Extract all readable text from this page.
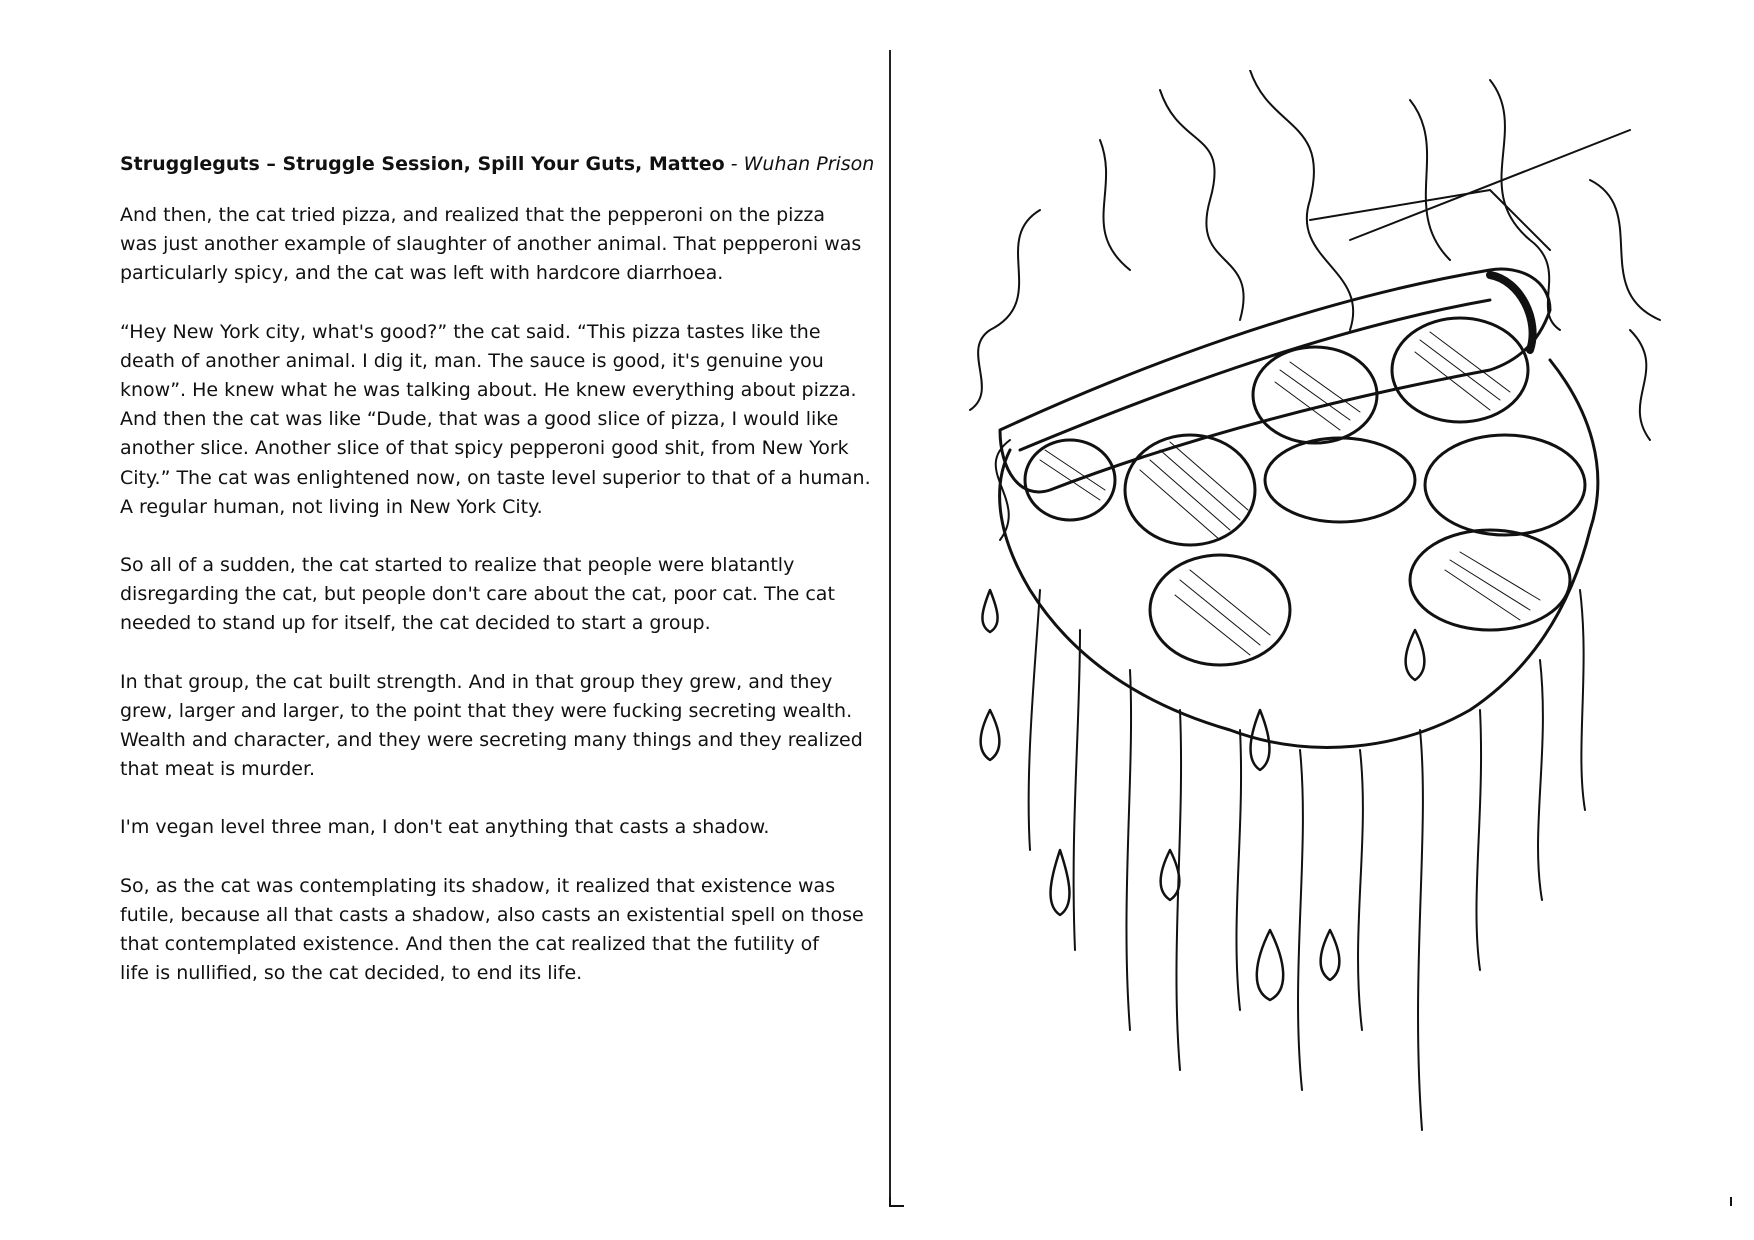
Struggleguts – Struggle Session, Spill Your Guts, Matteo - Wuhan Prison
And then, the cat tried pizza, and realized that the pepperoni on the pizza
was just another example of slaughter of another animal. That pepperoni was
particularly spicy, and the cat was left with hardcore diarrhoea.
“Hey New York city, what's good?” the cat said. “This pizza tastes like the
death of another animal. I dig it, man. The sauce is good, it's genuine you
know”. He knew what he was talking about. He knew everything about pizza.
And then the cat was like “Dude, that was a good slice of pizza, I would like
another slice. Another slice of that spicy pepperoni good shit, from New York
City.” The cat was enlightened now, on taste level superior to that of a human.
A regular human, not living in New York City.
So all of a sudden, the cat started to realize that people were blatantly
disregarding the cat, but people don't care about the cat, poor cat. The cat
needed to stand up for itself, the cat decided to start a group.
In that group, the cat built strength. And in that group they grew, and they
grew, larger and larger, to the point that they were fucking secreting wealth.
Wealth and character, and they were secreting many things and they realized
that meat is murder.
I'm vegan level three man, I don't eat anything that casts a shadow.
So, as the cat was contemplating its shadow, it realized that existence was
futile, because all that casts a shadow, also casts an existential spell on those
that contemplated existence. And then the cat realized that the futility of
life is nullified, so the cat decided, to end its life.
